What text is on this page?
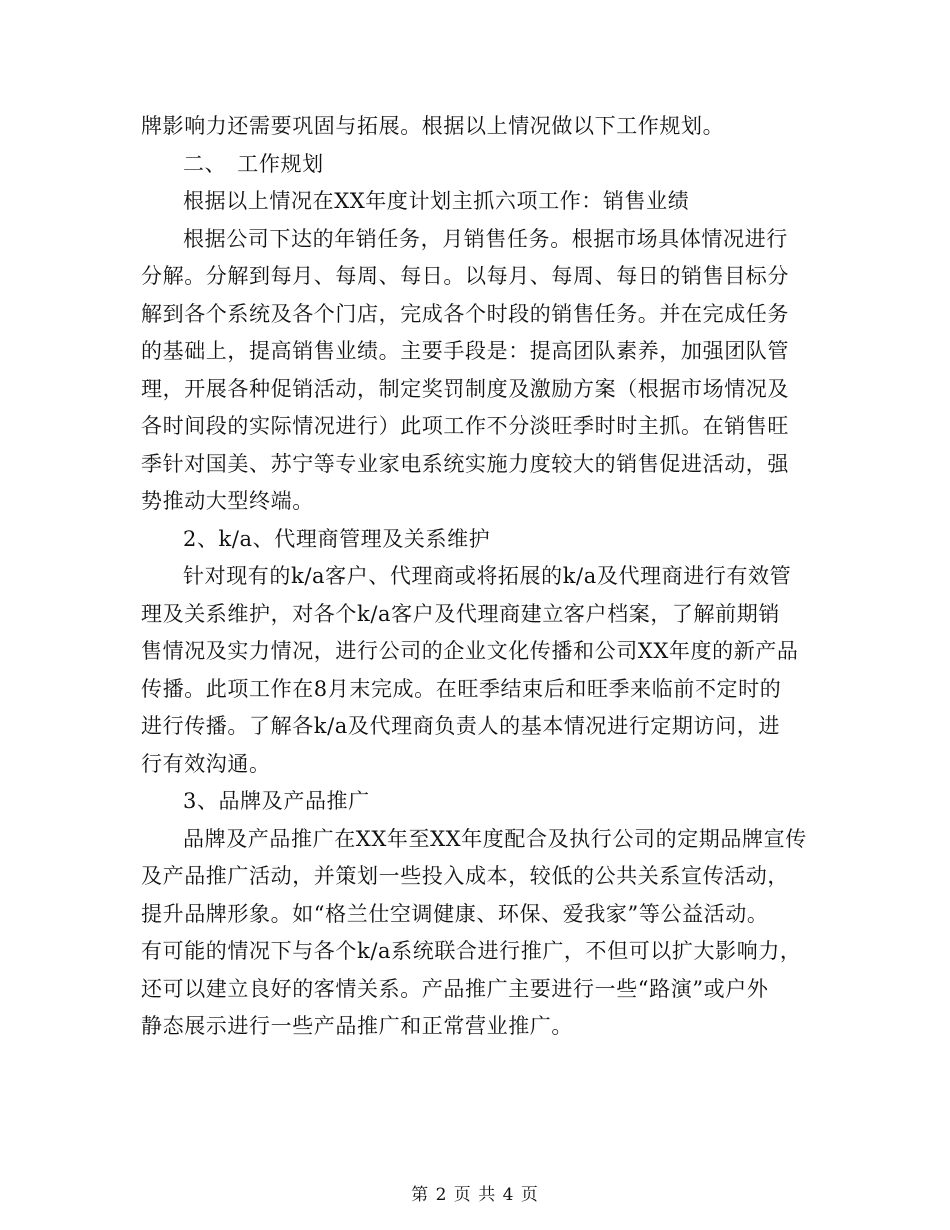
牌影响力还需要巩固与拓展。根据以上情况做以下工作规划。
二、　工作规划
根据以上情况在XX年度计划主抓六项工作：销售业绩
根据公司下达的年销任务，月销售任务。根据市场具体情况进行
分解。分解到每月、每周、每日。以每月、每周、每日的销售目标分
解到各个系统及各个门店，完成各个时段的销售任务。并在完成任务
的基础上，提高销售业绩。主要手段是：提高团队素养，加强团队管
理，开展各种促销活动，制定奖罚制度及激励方案（根据市场情况及
各时间段的实际情况进行）此项工作不分淡旺季时时主抓。在销售旺
季针对国美、苏宁等专业家电系统实施力度较大的销售促进活动，强
势推动大型终端。
2、k/a、代理商管理及关系维护
针对现有的k/a客户、代理商或将拓展的k/a及代理商进行有效管
理及关系维护，对各个k/a客户及代理商建立客户档案，了解前期销
售情况及实力情况，进行公司的企业文化传播和公司XX年度的新产品
传播。此项工作在8月末完成。在旺季结束后和旺季来临前不定时的
进行传播。了解各k/a及代理商负责人的基本情况进行定期访问，进
行有效沟通。
3、品牌及产品推广
品牌及产品推广在XX年至XX年度配合及执行公司的定期品牌宣传
及产品推广活动，并策划一些投入成本，较低的公共关系宣传活动，
提升品牌形象。如“格兰仕空调健康、环保、爱我家”等公益活动。
有可能的情况下与各个k/a系统联合进行推广，不但可以扩大影响力，
还可以建立良好的客情关系。产品推广主要进行一些“路演”或户外
静态展示进行一些产品推广和正常营业推广。
第 2 页 共 4 页
